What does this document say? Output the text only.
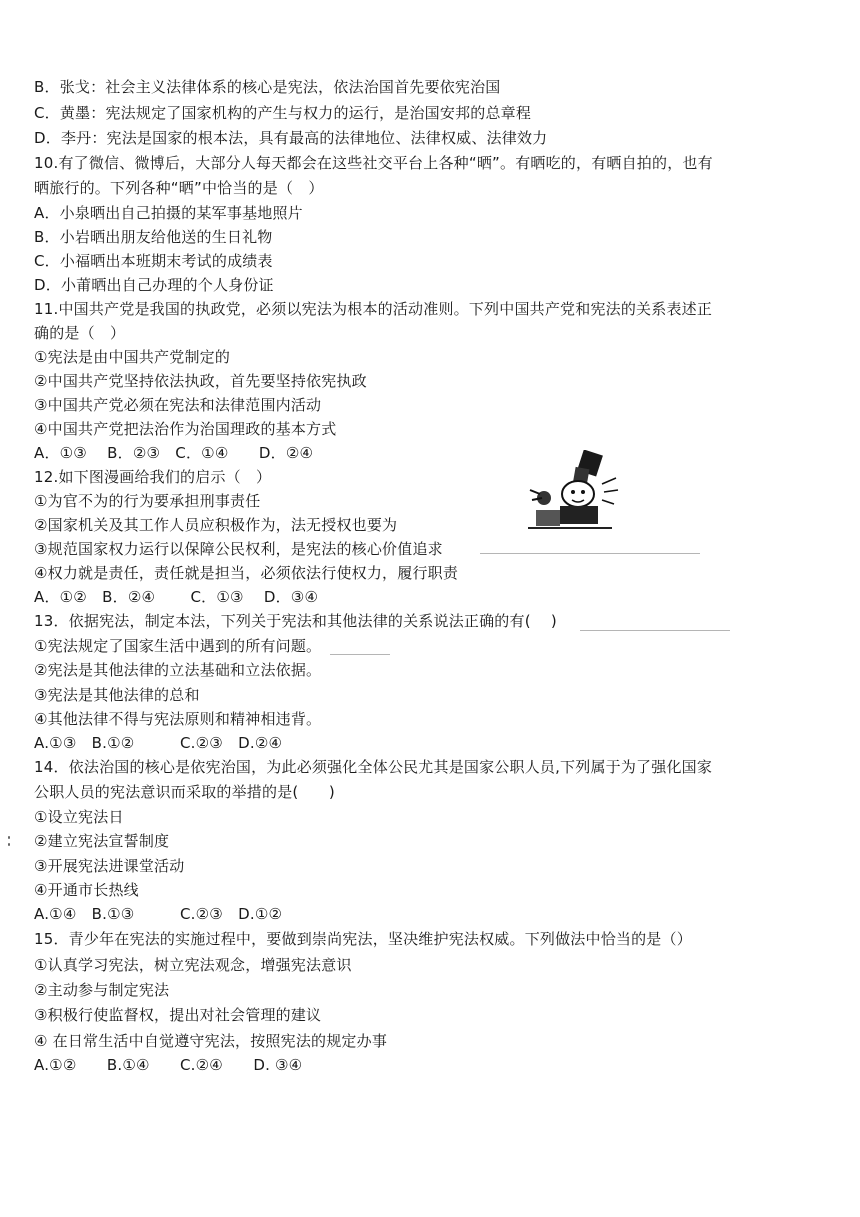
B．张戈：社会主义法律体系的核心是宪法，依法治国首先要依宪治国
C．黄墨：宪法规定了国家机构的产生与权力的运行，是治国安邦的总章程
D．李丹：宪法是国家的根本法，具有最高的法律地位、法律权威、法律效力
10.有了微信、微博后，大部分人每天都会在这些社交平台上各种“晒”。有晒吃的，有晒自拍的，也有
晒旅行的。下列各种“晒”中恰当的是（　）
A．小泉晒出自己拍摄的某军事基地照片
B．小岩晒出朋友给他送的生日礼物
C．小福晒出本班期末考试的成绩表
D．小莆晒出自己办理的个人身份证
11.中国共产党是我国的执政党，必须以宪法为根本的活动准则。下列中国共产党和宪法的关系表述正
确的是（　）
①宪法是由中国共产党制定的
②中国共产党坚持依法执政，首先要坚持依宪执政
③中国共产党必须在宪法和法律范围内活动
④中国共产党把法治作为治国理政的基本方式
A．①③　 B．②③　C．①④　　D．②④
12.如下图漫画给我们的启示（　）
①为官不为的行为要承担刑事责任
②国家机关及其工作人员应积极作为，法无授权也要为
③规范国家权力运行以保障公民权利，是宪法的核心价值追求
④权力就是责任，责任就是担当，必须依法行使权力，履行职责
A．①②　B．②④　　 C．①③　 D．③④
13．依据宪法，制定本法，下列关于宪法和其他法律的关系说法正确的有(　 )
①宪法规定了国家生活中遇到的所有问题。
②宪法是其他法律的立法基础和立法依据。
③宪法是其他法律的总和
④其他法律不得与宪法原则和精神相违背。
A.①③　B.①②　　　C.②③　D.②④
14．依法治国的核心是依宪治国，为此必须强化全体公民尤其是国家公职人员,下列属于为了强化国家
公职人员的宪法意识而采取的举措的是(　　)
①设立宪法日
②建立宪法宣誓制度
③开展宪法进课堂活动
④开通市长热线
A.①④　B.①③　　　C.②③　D.①②
15．青少年在宪法的实施过程中，要做到崇尚宪法，坚决维护宪法权威。下列做法中恰当的是（）
①认真学习宪法，树立宪法观念，增强宪法意识
②主动参与制定宪法
③积极行使监督权，提出对社会管理的建议
④ 在日常生活中自觉遵守宪法，按照宪法的规定办事
A.①②　　B.①④　　C.②④　　D. ③④
